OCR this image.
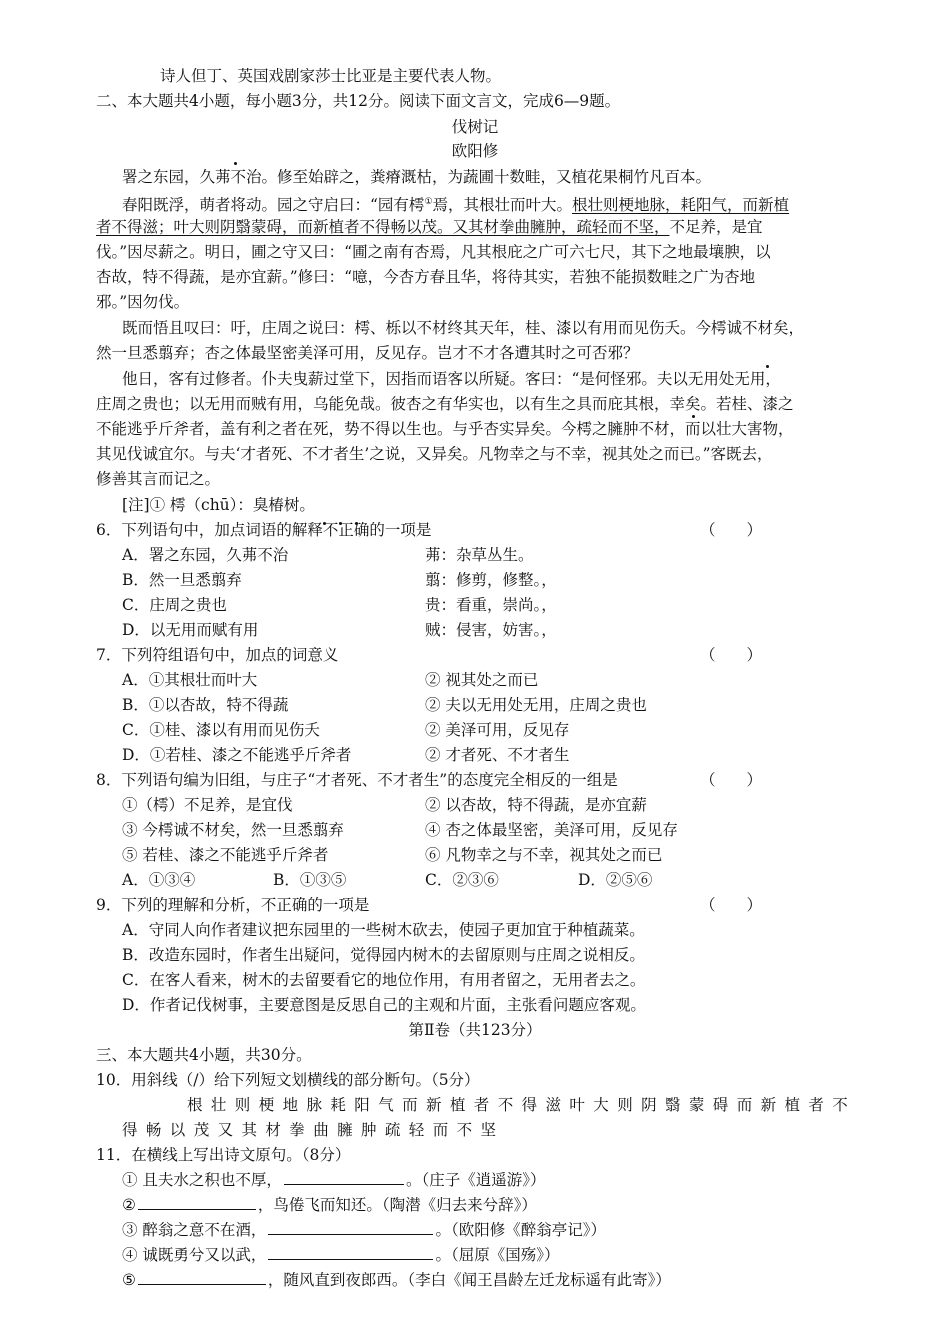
诗人但丁、英国戏剧家莎士比亚是主要代表人物。
二、本大题共4小题，每小题3分，共12分。阅读下面文言文，完成6—9题。
伐树记
欧阳修
署之东园，久茀不治。修至始辟之，粪瘠溉枯，为蔬圃十数畦，又植花果桐竹凡百本。
春阳既浮，萌者将动。园之守启曰：“园有樗①焉，其根壮而叶大。根壮则梗地脉，耗阳气，而新植
者不得滋；叶大则阴翳蒙碍，而新植者不得畅以茂。又其材拳曲臃肿，疏轻而不坚，不足养，是宜
伐。”因尽薪之。明日，圃之守又曰：“圃之南有杏焉，凡其根庇之广可六七尺，其下之地最壤腴，以
杏故，特不得蔬，是亦宜薪。”修曰：“噫，今杏方春且华，将待其实，若独不能损数畦之广为杏地
邪。”因勿伐。
既而悟且叹曰：吁，庄周之说曰：樗、栎以不材终其天年，桂、漆以有用而见伤夭。今樗诚不材矣，
然一旦悉翦弃；杏之体最坚密美泽可用，反见存。岂才不才各遭其时之可否邪？
他日，客有过修者。仆夫曳薪过堂下，因指而语客以所疑。客曰：“是何怪邪。夫以无用处无用，
庄周之贵也；以无用而贼有用，乌能免哉。彼杏之有华实也，以有生之具而庇其根，幸矣。若桂、漆之
不能逃乎斤斧者，盖有利之者在死，势不得以生也。与乎杏实异矣。今樗之臃肿不材，而以壮大害物，
其见伐诚宜尔。与夫‘才者死、不才者生’之说，又异矣。凡物幸之与不幸，视其处之而已。”客既去，
修善其言而记之。
[注]① 樗（chū）：臭椿树。
6．下列语句中，加点词语的解释不正确的一项是	（　　）
A．署之东园，久茀不治	茀：杂草丛生。
B．然一旦悉翦弃	翦：修剪，修整。，
C．庄周之贵也	贵：看重，崇尚。，
D．以无用而赋有用	贼：侵害，妨害。，
7．下列符组语句中，加点的词意义	（　　）
A．①其根壮而叶大	② 视其处之而已
B．①以杏故，特不得蔬	② 夫以无用处无用，庄周之贵也
C．①桂、漆以有用而见伤夭	② 美泽可用，反见存
D．①若桂、漆之不能逃乎斤斧者	② 才者死、不才者生
8．下列语句编为旧组，与庄子“才者死、不才者生”的态度完全相反的一组是	（　　）
①（樗）不足养，是宜伐	② 以杏故，特不得蔬，是亦宜薪
③ 今樗诚不材矣，然一旦悉翦弃	④ 杏之体最坚密，美泽可用，反见存
⑤ 若桂、漆之不能逃乎斤斧者	⑥ 凡物幸之与不幸，视其处之而已
A．①③④	B．①③⑤	C．②③⑥	D．②⑤⑥
9．下列的理解和分析，不正确的一项是	（　　）
A．守同人向作者建议把东园里的一些树木砍去，使园子更加宜于种植蔬菜。
B．改造东园时，作者生出疑问，觉得园内树木的去留原则与庄周之说相反。
C．在客人看来，树木的去留要看它的地位作用，有用者留之，无用者去之。
D．作者记伐树事，主要意图是反思自己的主观和片面，主张看问题应客观。
第Ⅱ卷（共123分）
三、本大题共4小题，共30分。
10．用斜线（/）给下列短文划横线的部分断句。（5分）
根壮则梗地脉耗阳气而新植者不得滋叶大则阴翳蒙碍而新植者不
得畅以茂又其材拳曲臃肿疏轻而不坚
11．在横线上写出诗文原句。（8分）
① 且夫水之积也不厚，	。（庄子《逍遥游》）
②	，鸟倦飞而知还。（陶潜《归去来兮辞》）
③ 醉翁之意不在酒，	。（欧阳修《醉翁亭记》）
④ 诚既勇兮又以武，	。（屈原《国殇》）
⑤	，随风直到夜郎西。（李白《闻王昌龄左迁龙标遥有此寄》）
